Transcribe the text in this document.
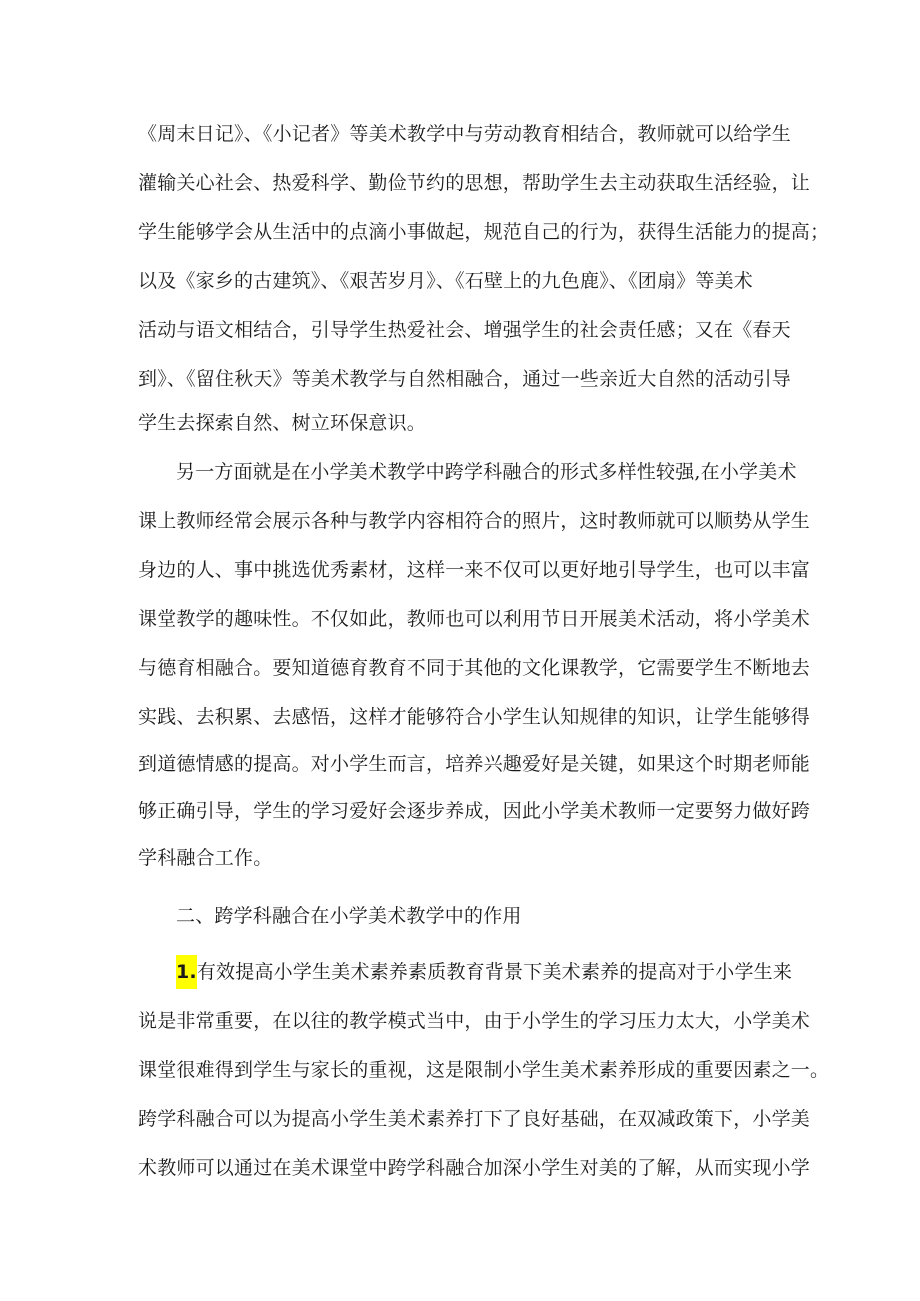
《周末日记》、《小记者》等美术教学中与劳动教育相结合，教师就可以给学生
灌输关心社会、热爱科学、勤俭节约的思想，帮助学生去主动获取生活经验，让
学生能够学会从生活中的点滴小事做起，规范自己的行为，获得生活能力的提高；
以及《家乡的古建筑》、《艰苦岁月》、《石壁上的九色鹿》、《团扇》等美术
活动与语文相结合，引导学生热爱社会、增强学生的社会责任感；又在《春天
到》、《留住秋天》等美术教学与自然相融合，通过一些亲近大自然的活动引导
学生去探索自然、树立环保意识。
另一方面就是在小学美术教学中跨学科融合的形式多样性较强,在小学美术
课上教师经常会展示各种与教学内容相符合的照片，这时教师就可以顺势从学生
身边的人、事中挑选优秀素材，这样一来不仅可以更好地引导学生，也可以丰富
课堂教学的趣味性。不仅如此，教师也可以利用节日开展美术活动，将小学美术
与德育相融合。要知道德育教育不同于其他的文化课教学，它需要学生不断地去
实践、去积累、去感悟，这样才能够符合小学生认知规律的知识，让学生能够得
到道德情感的提高。对小学生而言，培养兴趣爱好是关键，如果这个时期老师能
够正确引导，学生的学习爱好会逐步养成，因此小学美术教师一定要努力做好跨
学科融合工作。
二、跨学科融合在小学美术教学中的作用
1.有效提高小学生美术素养素质教育背景下美术素养的提高对于小学生来
说是非常重要，在以往的教学模式当中，由于小学生的学习压力太大，小学美术
课堂很难得到学生与家长的重视，这是限制小学生美术素养形成的重要因素之一。
跨学科融合可以为提高小学生美术素养打下了良好基础，在双减政策下，小学美
术教师可以通过在美术课堂中跨学科融合加深小学生对美的了解，从而实现小学
